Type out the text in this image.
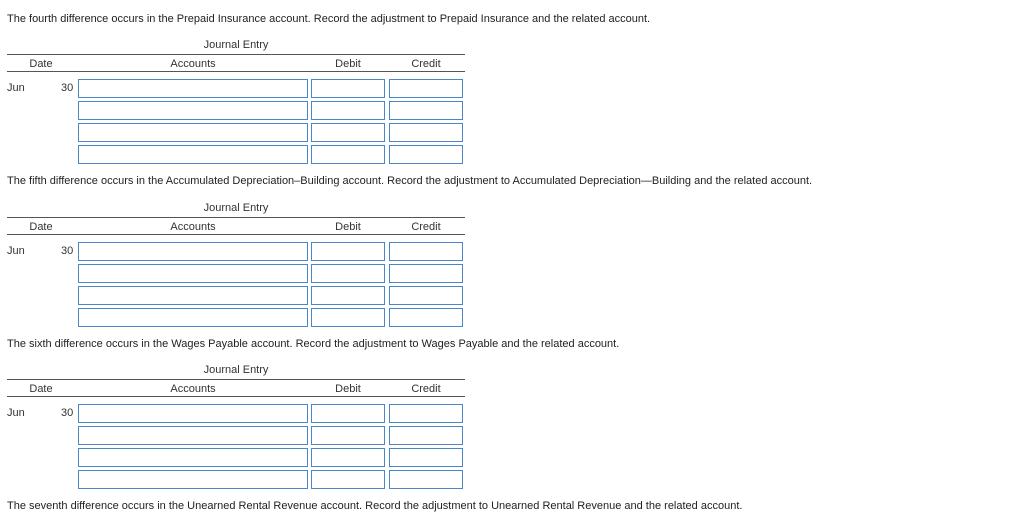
The fourth difference occurs in the Prepaid Insurance account. Record the adjustment to Prepaid Insurance and the related account.

Journal Entry
Date	Accounts	Debit	Credit
Jun	30

The fifth difference occurs in the Accumulated Depreciation–Building account. Record the adjustment to Accumulated Depreciation—Building and the related account.

Journal Entry
Date	Accounts	Debit	Credit
Jun	30

The sixth difference occurs in the Wages Payable account. Record the adjustment to Wages Payable and the related account.

Journal Entry
Date	Accounts	Debit	Credit
Jun	30

The seventh difference occurs in the Unearned Rental Revenue account. Record the adjustment to Unearned Rental Revenue and the related account.
